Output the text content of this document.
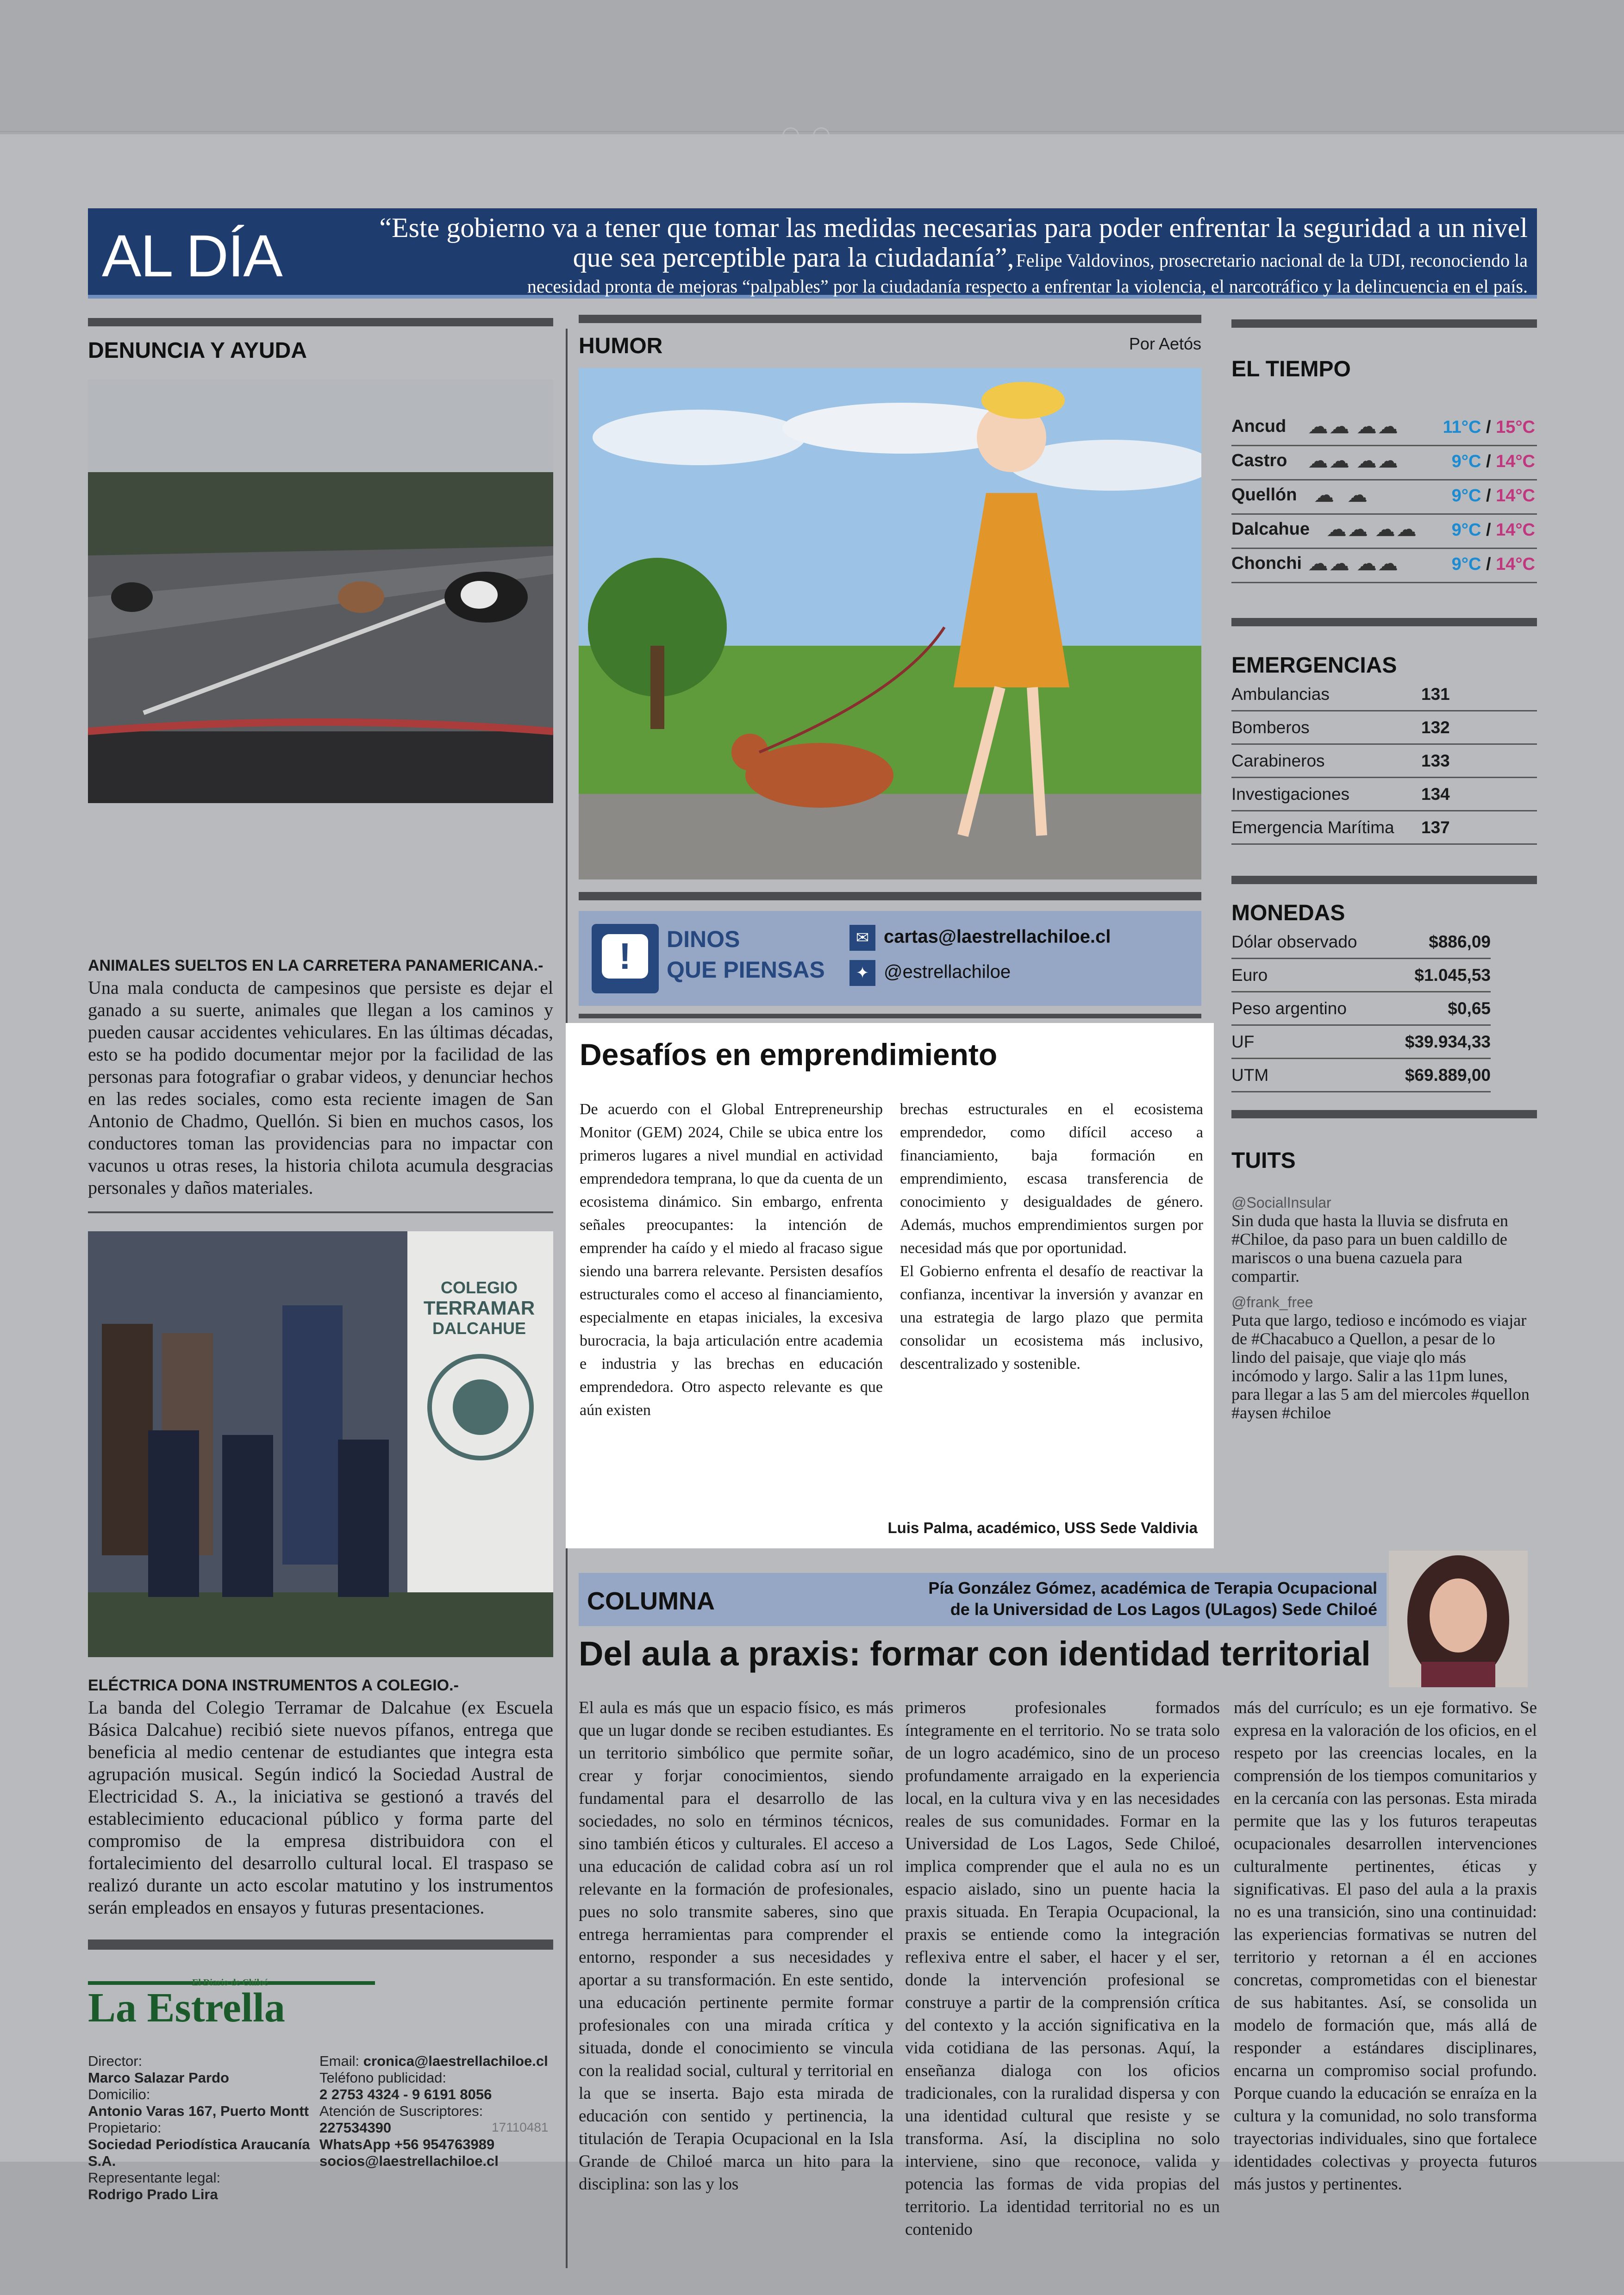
AL DÍA	“Este gobierno va a tener que tomar las medidas necesarias para poder enfrentar la seguridad a un nivel que sea perceptible para la ciudadanía”, Felipe Valdovinos, prosecretario nacional de la UDI, reconociendo la
necesidad pronta de mejoras “palpables” por la ciudadanía respecto a enfrentar la violencia, el narcotráfico y la delincuencia en el país.
DENUNCIA Y AYUDA
ANIMALES SUELTOS EN LA CARRETERA PANAMERICANA.-
Una mala conducta de campesinos que persiste es dejar el ganado a su suerte, animales que llegan a los caminos y pueden causar accidentes vehiculares. En las últimas décadas, esto se ha podido documentar mejor por la facilidad de las personas para fotografiar o grabar videos, y denunciar hechos en las redes sociales, como esta reciente imagen de San Antonio de Chadmo, Quellón. Si bien en muchos casos, los conductores toman las providencias para no impactar con vacunos u otras reses, la historia chilota acumula desgracias personales y daños materiales.
COLEGIO
TERRAMAR
DALCAHUE
ELÉCTRICA DONA INSTRUMENTOS A COLEGIO.-
La banda del Colegio Terramar de Dalcahue (ex Escuela Básica Dalcahue) recibió siete nuevos pífanos, entrega que beneficia al medio centenar de estudiantes que integra esta agrupación musical. Según indicó la Sociedad Austral de Electricidad S. A., la iniciativa se gestionó a través del establecimiento educacional público y forma parte del compromiso de la empresa distribuidora con el fortalecimiento del desarrollo cultural local. El traspaso se realizó durante un acto escolar matutino y los instrumentos serán empleados en ensayos y futuras presentaciones.
El Diario de Chiloé
La Estrella
Director:
Marco Salazar Pardo
Domicilio:
Antonio Varas 167, Puerto Montt
Propietario:
Sociedad Periodística Araucanía S.A.
Representante legal:
Rodrigo Prado Lira
Email: cronica@laestrellachiloe.cl
Teléfono publicidad:
2 2753 4324 - 9 6191 8056
Atención de Suscriptores:
227534390
WhatsApp +56 954763989
socios@laestrellachiloe.cl
17110481
HUMOR	Por Aetós
!	DINOS
QUE PIENSAS
✉ cartas@laestrellachiloe.cl
✦ @estrellachiloe
Desafíos en emprendimiento
De acuerdo con el Global Entrepreneurship Monitor (GEM) 2024, Chile se ubica entre los primeros lugares a nivel mundial en actividad emprendedora temprana, lo que da cuenta de un ecosistema dinámico. Sin embargo, enfrenta señales preocupantes: la intención de emprender ha caído y el miedo al fracaso sigue siendo una barrera relevante. Persisten desafíos estructurales como el acceso al financiamiento, especialmente en etapas iniciales, la excesiva burocracia, la baja articulación entre academia e industria y las brechas en educación emprendedora. Otro aspecto relevante es que aún existen
brechas estructurales en el ecosistema emprendedor, como difícil acceso a financiamiento, baja formación en emprendimiento, escasa transferencia de conocimiento y desigualdades de género. Además, muchos emprendimientos surgen por necesidad más que por oportunidad.
El Gobierno enfrenta el desafío de reactivar la confianza, incentivar la inversión y avanzar en una estrategia de largo plazo que permita consolidar un ecosistema más inclusivo, descentralizado y sostenible.
Luis Palma, académico, USS Sede Valdivia
EL TIEMPO
Ancud ☁☁ ☁☁ 11°C / 15°C
Castro ☁☁ ☁☁	9°C / 14°C
Quellón ☁  ☁	9°C / 14°C
Dalcahue ☁☁ ☁☁ 9°C / 14°C
Chonchi ☁☁ ☁☁	9°C / 14°C
EMERGENCIAS
Ambulancias	131
Bomberos	132
Carabineros	133
Investigaciones	134
Emergencia Marítima 137
MONEDAS
Dólar observado	$886,09
Euro	$1.045,53
Peso argentino	$0,65
UF	$39.934,33
UTM	$69.889,00
TUITS
@SocialInsular
Sin duda que hasta la lluvia se disfruta en #Chiloe, da paso para un buen caldillo de mariscos o una buena cazuela para compartir.
@frank_free
Puta que largo, tedioso e incómodo es viajar de #Chacabuco a Quellon, a pesar de lo lindo del paisaje, que viaje qlo más incómodo y largo. Salir a las 11pm lunes, para llegar a las 5 am del miercoles #quellon #aysen #chiloe
COLUMNA	Pía González Gómez, académica de Terapia Ocupacional
de la Universidad de Los Lagos (ULagos) Sede Chiloé
Del aula a praxis: formar con identidad territorial
El aula es más que un espacio físico, es más que un lugar donde se reciben estudiantes. Es un territorio simbólico que permite soñar, crear y forjar conocimientos, siendo fundamental para el desarrollo de las sociedades, no solo en términos técnicos, sino también éticos y culturales. El acceso a una educación de calidad cobra así un rol relevante en la formación de profesionales, pues no solo transmite saberes, sino que entrega herramientas para comprender el entorno, responder a sus necesidades y aportar a su transformación. En este sentido, una educación pertinente permite formar profesionales con una mirada crítica y situada, donde el conocimiento se vincula con la realidad social, cultural y territorial en la que se inserta. Bajo esta mirada de educación con sentido y pertinencia, la titulación de Terapia Ocupacional en la Isla Grande de Chiloé marca un hito para la disciplina: son las y los
primeros profesionales formados íntegramente en el territorio. No se trata solo de un logro académico, sino de un proceso profundamente arraigado en la experiencia local, en la cultura viva y en las necesidades reales de sus comunidades. Formar en la Universidad de Los Lagos, Sede Chiloé, implica comprender que el aula no es un espacio aislado, sino un puente hacia la praxis situada. En Terapia Ocupacional, la praxis se entiende como la integración reflexiva entre el saber, el hacer y el ser, donde la intervención profesional se construye a partir de la comprensión crítica del contexto y la acción significativa en la vida cotidiana de las personas. Aquí, la enseñanza dialoga con los oficios tradicionales, con la ruralidad dispersa y con una identidad cultural que resiste y se transforma. Así, la disciplina no solo interviene, sino que reconoce, valida y potencia las formas de vida propias del territorio. La identidad territorial no es un contenido
más del currículo; es un eje formativo. Se expresa en la valoración de los oficios, en el respeto por las creencias locales, en la comprensión de los tiempos comunitarios y en la cercanía con las personas. Esta mirada permite que las y los futuros terapeutas ocupacionales desarrollen intervenciones culturalmente pertinentes, éticas y significativas. El paso del aula a la praxis no es una transición, sino una continuidad: las experiencias formativas se nutren del territorio y retornan a él en acciones concretas, comprometidas con el bienestar de sus habitantes. Así, se consolida un modelo de formación que, más allá de responder a estándares disciplinares, encarna un compromiso social profundo. Porque cuando la educación se enraíza en la cultura y la comunidad, no solo transforma trayectorias individuales, sino que fortalece identidades colectivas y proyecta futuros más justos y pertinentes.
